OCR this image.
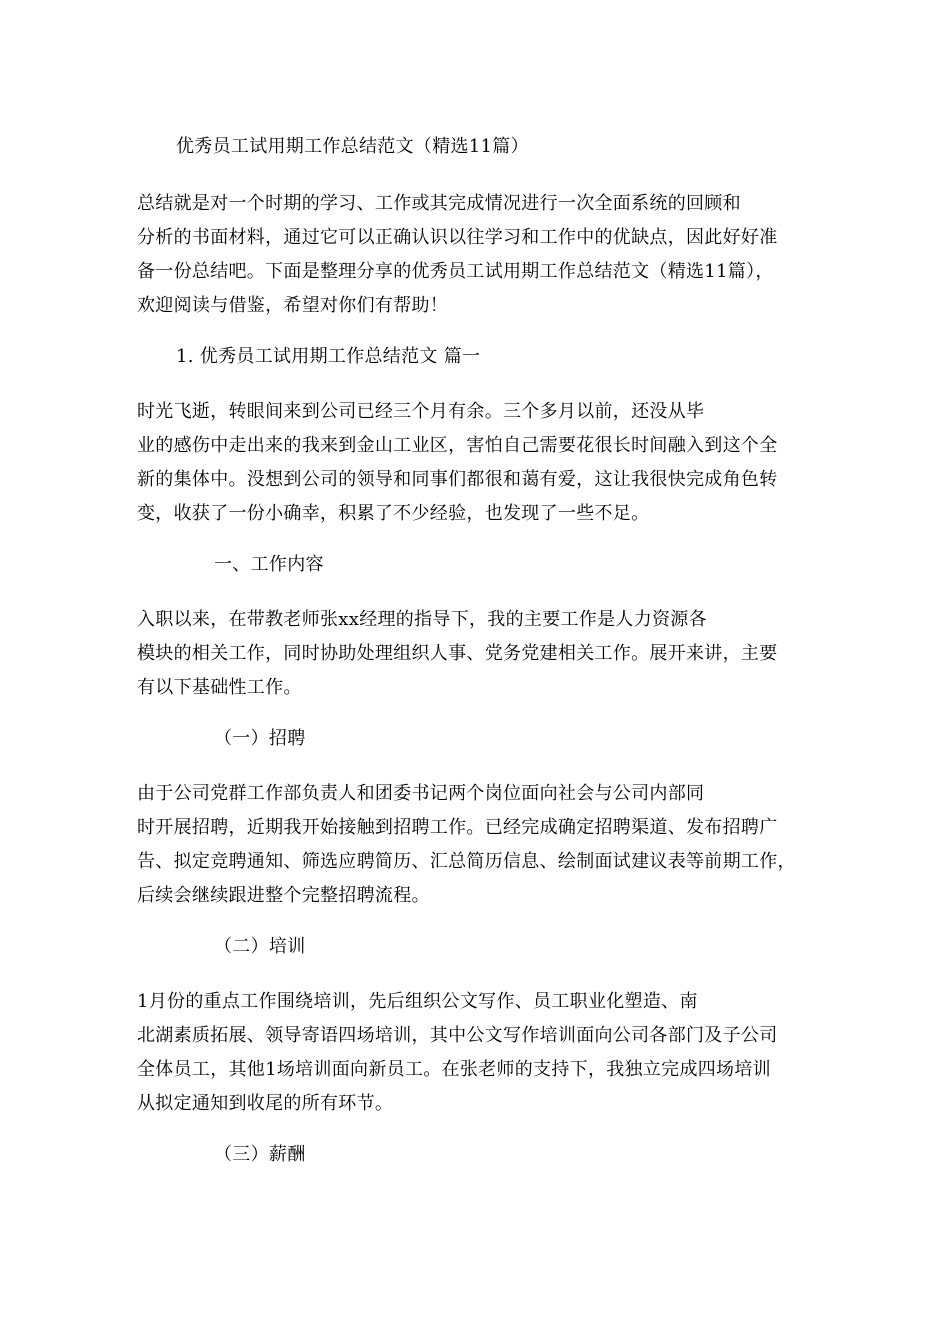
优秀员工试用期工作总结范文（精选11篇）

总结就是对一个时期的学习、工作或其完成情况进行一次全面系统的回顾和
分析的书面材料，通过它可以正确认识以往学习和工作中的优缺点，因此好好准
备一份总结吧。下面是整理分享的优秀员工试用期工作总结范文（精选11篇），
欢迎阅读与借鉴，希望对你们有帮助！

1. 优秀员工试用期工作总结范文 篇一

时光飞逝，转眼间来到公司已经三个月有余。三个多月以前，还没从毕
业的感伤中走出来的我来到金山工业区，害怕自己需要花很长时间融入到这个全
新的集体中。没想到公司的领导和同事们都很和蔼有爱，这让我很快完成角色转
变，收获了一份小确幸，积累了不少经验，也发现了一些不足。

一、工作内容

入职以来，在带教老师张xx经理的指导下，我的主要工作是人力资源各
模块的相关工作，同时协助处理组织人事、党务党建相关工作。展开来讲，主要
有以下基础性工作。

（一）招聘

由于公司党群工作部负责人和团委书记两个岗位面向社会与公司内部同
时开展招聘，近期我开始接触到招聘工作。已经完成确定招聘渠道、发布招聘广
告、拟定竞聘通知、筛选应聘简历、汇总简历信息、绘制面试建议表等前期工作，
后续会继续跟进整个完整招聘流程。

（二）培训

1月份的重点工作围绕培训，先后组织公文写作、员工职业化塑造、南
北湖素质拓展、领导寄语四场培训，其中公文写作培训面向公司各部门及子公司
全体员工，其他1场培训面向新员工。在张老师的支持下，我独立完成四场培训
从拟定通知到收尾的所有环节。

（三）薪酬
